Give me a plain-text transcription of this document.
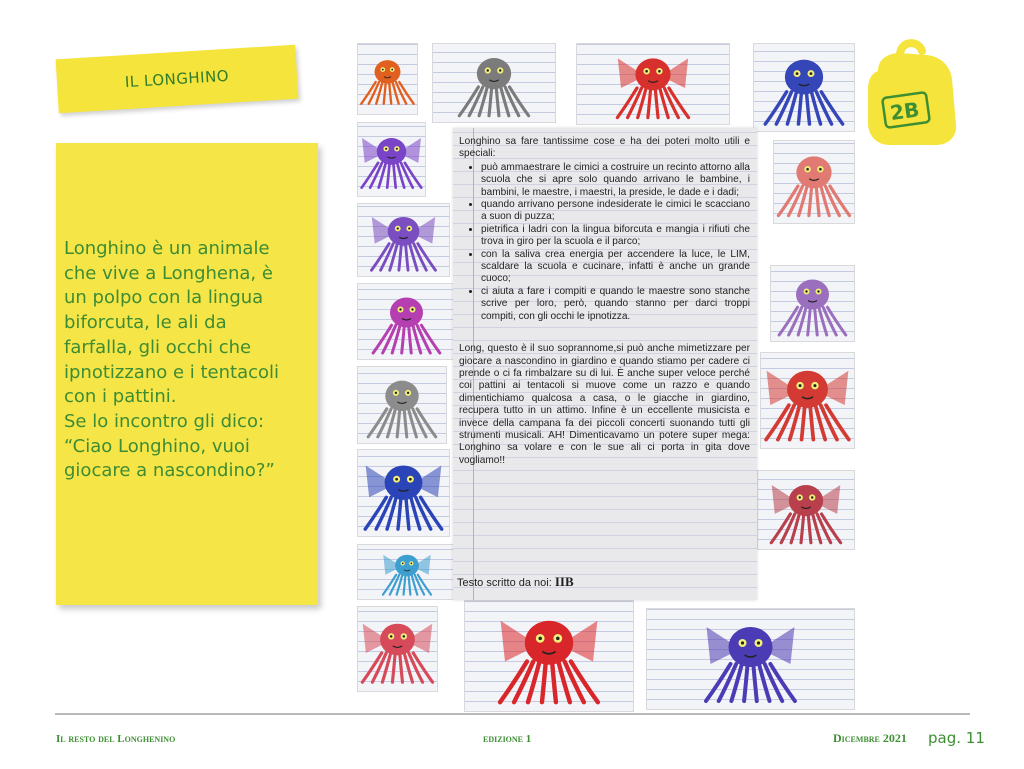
IL LONGHINO

Longhino è un animale
che vive a Longhena, è
un polpo con la lingua
biforcuta, le ali da
farfalla, gli occhi che
ipnotizzano e i tentacoli
con i pattini.
Se lo incontro gli dico:
“Ciao Longhino, vuoi
giocare a nascondino?”

Longhino sa fare tantissime cose e ha dei poteri molto utili e speciali:

• può ammaestrare le cimici a costruire un recinto attorno alla scuola che si apre solo quando arrivano le bambine, i bambini, le maestre, i maestri, la preside, le dade e i dadi;
• quando arrivano persone indesiderate le cimici le scacciano a suon di puzza;
• pietrifica i ladri con la lingua biforcuta e mangia i rifiuti che trova in giro per la scuola e il parco;
• con la saliva crea energia per accendere la luce, le LIM, scaldare la scuola e cucinare, infatti è anche un grande cuoco;
• ci aiuta a fare i compiti e quando le maestre sono stanche scrive per loro, però, quando stanno per darci troppi compiti, con gli occhi le ipnotizza.

Long, questo è il suo soprannome,si può anche mimetizzare per giocare a nascondino in giardino e quando stiamo per cadere ci prende o ci fa rimbalzare su di lui. È anche super veloce perché coi pattini ai tentacoli si muove come un razzo e quando dimentichiamo qualcosa a casa, o le giacche in giardino, recupera tutto in un attimo. Infine è un eccellente musicista e invece della campana fa dei piccoli concerti suonando tutti gli strumenti musicali. AH! Dimenticavamo un potere super mega: Longhino sa volare e con le sue ali ci porta in gita dove vogliamo!!

Testo scritto da noi: IIB
2B
Il resto del Longhenino	edizione 1	Dicembre 2021 pag. 11
